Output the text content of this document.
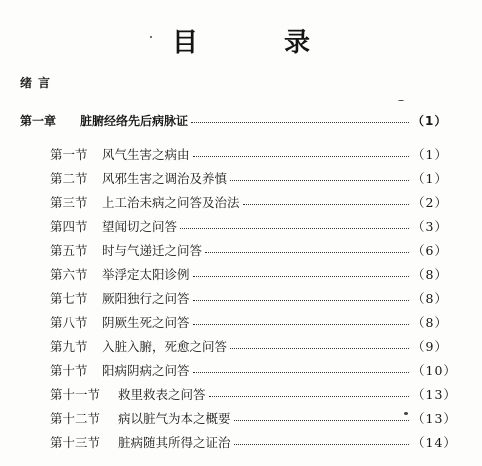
目　录
绪言
第一章	脏腑经络先后病脉证	（1）
第一节	风气生害之病由	（1）
第二节	风邪生害之调治及养慎	（1）
第三节	上工治未病之问答及治法	（2）
第四节	望闻切之问答	（3）
第五节	时与气递迁之问答	（6）
第六节	举浮定太阳诊例	（8）
第七节	厥阳独行之问答	（8）
第八节	阴厥生死之问答	（8）
第九节	入脏入腑，死愈之问答	（9）
第十节	阳病阴病之问答	（10）
第十一节	救里救表之问答	（13）
第十二节	病以脏气为本之概要	（13）
第十三节	脏病随其所得之证治	（14）
